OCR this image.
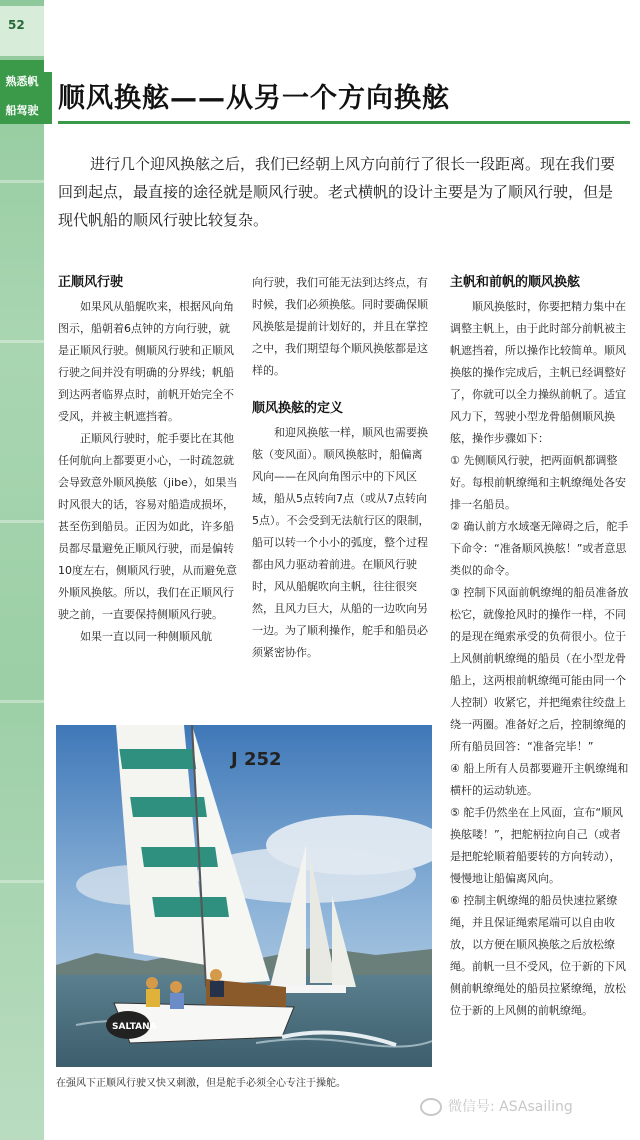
52
熟悉帆
船驾驶 顺风换舷——从另一个方向换舷

进行几个迎风换舷之后，我们已经朝上风方向前行了很长一段距离。现在我们要回到起点，最直接的途径就是顺风行驶。老式横帆的设计主要是为了顺风行驶，但是现代帆船的顺风行驶比较复杂。

正顺风行驶

如果风从船艉吹来，根据风向角图示，船朝着6点钟的方向行驶，就是正顺风行驶。侧顺风行驶和正顺风行驶之间并没有明确的分界线；帆船到达两者临界点时，前帆开始完全不受风，并被主帆遮挡着。

正顺风行驶时，舵手要比在其他任何航向上都要更小心，一时疏忽就会导致意外顺风换舷（jibe），如果当时风很大的话，容易对船造成损坏，甚至伤到船员。正因为如此，许多船员都尽量避免正顺风行驶，而是偏转10度左右，侧顺风行驶，从而避免意外顺风换舷。所以，我们在正顺风行驶之前，一直要保持侧顺风行驶。

如果一直以同一种侧顺风航

向行驶，我们可能无法到达终点，有时候，我们必须换舷。同时要确保顺风换舷是提前计划好的，并且在掌控之中，我们期望每个顺风换舷都是这样的。

顺风换舷的定义

和迎风换舷一样，顺风也需要换舷（变风面）。顺风换舷时，船偏离风向——在风向角图示中的下风区域，船从5点转向7点（或从7点转向5点）。不会受到无法航行区的限制，船可以转一个小小的弧度，整个过程都由风力驱动着前进。在顺风行驶时，风从船艉吹向主帆，往往很突然，且风力巨大，从船的一边吹向另一边。为了顺利操作，舵手和船员必须紧密协作。

主帆和前帆的顺风换舷

顺风换舷时，你要把精力集中在调整主帆上，由于此时部分前帆被主帆遮挡着，所以操作比较简单。顺风换舷的操作完成后，主帆已经调整好了，你就可以全力操纵前帆了。适宜风力下，驾驶小型龙骨船侧顺风换舷，操作步骤如下：

① 先侧顺风行驶，把两面帆都调整好。每根前帆缭绳和主帆缭绳处各安排一名船员。

② 确认前方水域毫无障碍之后，舵手下命令：“准备顺风换舷！”或者意思类似的命令。

③ 控制下风面前帆缭绳的船员准备放松它，就像抢风时的操作一样，不同的是现在绳索承受的负荷很小。位于上风侧前帆缭绳的船员（在小型龙骨船上，这两根前帆缭绳可能由同一个人控制）收紧它，并把绳索往绞盘上绕一两圈。准备好之后，控制缭绳的所有船员回答：“准备完毕！”

④ 船上所有人员都要避开主帆缭绳和横杆的运动轨迹。

⑤ 舵手仍然坐在上风面，宣布“顺风换舷喽！”，把舵柄拉向自己（或者是把舵轮顺着船要转的方向转动），慢慢地让船偏离风向。

⑥ 控制主帆缭绳的船员快速拉紧缭绳，并且保证绳索尾端可以自由收放，以方便在顺风换舷之后放松缭绳。前帆一旦不受风，位于新的下风侧前帆缭绳处的船员拉紧缭绳，放松位于新的上风侧的前帆缭绳。

J 252
SALTANA
在强风下正顺风行驶又快又刺激，但是舵手必须全心专注于操舵。
微信号: ASAsailing
